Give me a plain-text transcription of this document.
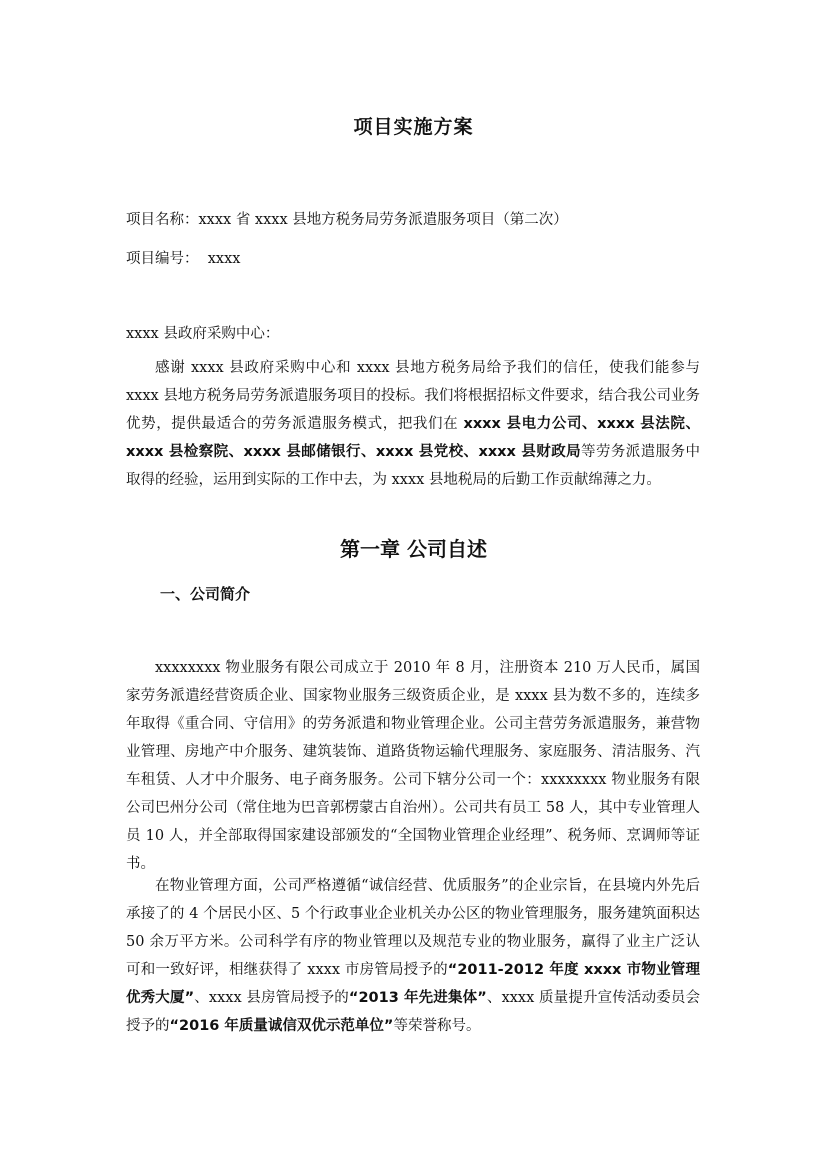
项目实施方案
项目名称：xxxx 省 xxxx 县地方税务局劳务派遣服务项目（第二次）
项目编号： xxxx
xxxx 县政府采购中心：
感谢 xxxx 县政府采购中心和 xxxx 县地方税务局给予我们的信任，使我们能参与 xxxx 县地方税务局劳务派遣服务项目的投标。我们将根据招标文件要求，结合我公司业务优势，提供最适合的劳务派遣服务模式，把我们在 xxxx 县电力公司、xxxx 县法院、xxxx 县检察院、xxxx 县邮储银行、xxxx 县党校、xxxx 县财政局等劳务派遣服务中取得的经验，运用到实际的工作中去，为 xxxx 县地税局的后勤工作贡献绵薄之力。
第一章 公司自述
一、公司简介
xxxxxxxx 物业服务有限公司成立于 2010 年 8 月，注册资本 210 万人民币，属国家劳务派遣经营资质企业、国家物业服务三级资质企业，是 xxxx 县为数不多的，连续多年取得《重合同、守信用》的劳务派遣和物业管理企业。公司主营劳务派遣服务，兼营物业管理、房地产中介服务、建筑装饰、道路货物运输代理服务、家庭服务、清洁服务、汽车租赁、人才中介服务、电子商务服务。公司下辖分公司一个：xxxxxxxx 物业服务有限公司巴州分公司（常住地为巴音郭楞蒙古自治州）。公司共有员工 58 人，其中专业管理人员 10 人，并全部取得国家建设部颁发的“全国物业管理企业经理”、税务师、烹调师等证书。
在物业管理方面，公司严格遵循“诚信经营、优质服务”的企业宗旨，在县境内外先后承接了的 4 个居民小区、5 个行政事业企业机关办公区的物业管理服务，服务建筑面积达 50 余万平方米。公司科学有序的物业管理以及规范专业的物业服务，赢得了业主广泛认可和一致好评，相继获得了 xxxx 市房管局授予的“2011-2012 年度 xxxx 市物业管理优秀大厦”、xxxx 县房管局授予的“2013 年先进集体”、xxxx 质量提升宣传活动委员会授予的“2016 年质量诚信双优示范单位”等荣誉称号。
